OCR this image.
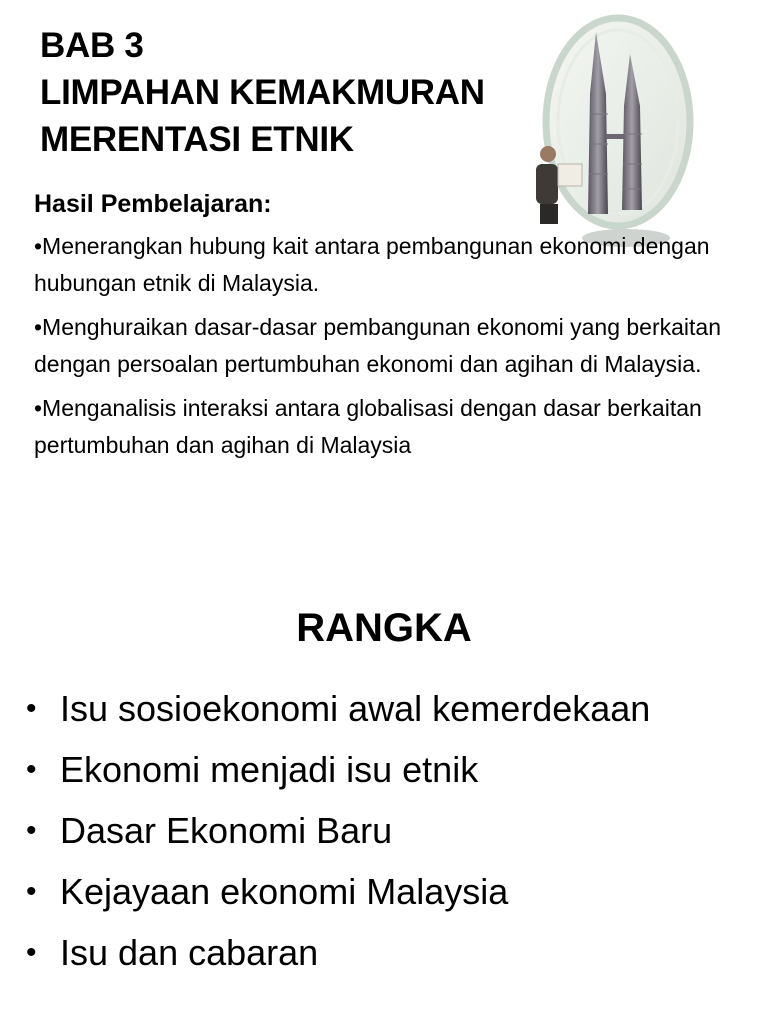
BAB 3
LIMPAHAN KEMAKMURAN
MERENTASI ETNIK

Hasil Pembelajaran:

•Menerangkan hubung kait antara pembangunan ekonomi dengan hubungan etnik di Malaysia.

•Menghuraikan dasar-dasar pembangunan ekonomi yang berkaitan dengan persoalan pertumbuhan ekonomi dan agihan di Malaysia.

•Menganalisis interaksi antara globalisasi dengan dasar berkaitan pertumbuhan dan agihan di Malaysia

RANGKA
• Isu sosioekonomi awal kemerdekaan
• Ekonomi menjadi isu etnik
• Dasar Ekonomi Baru
• Kejayaan ekonomi Malaysia
• Isu dan cabaran
